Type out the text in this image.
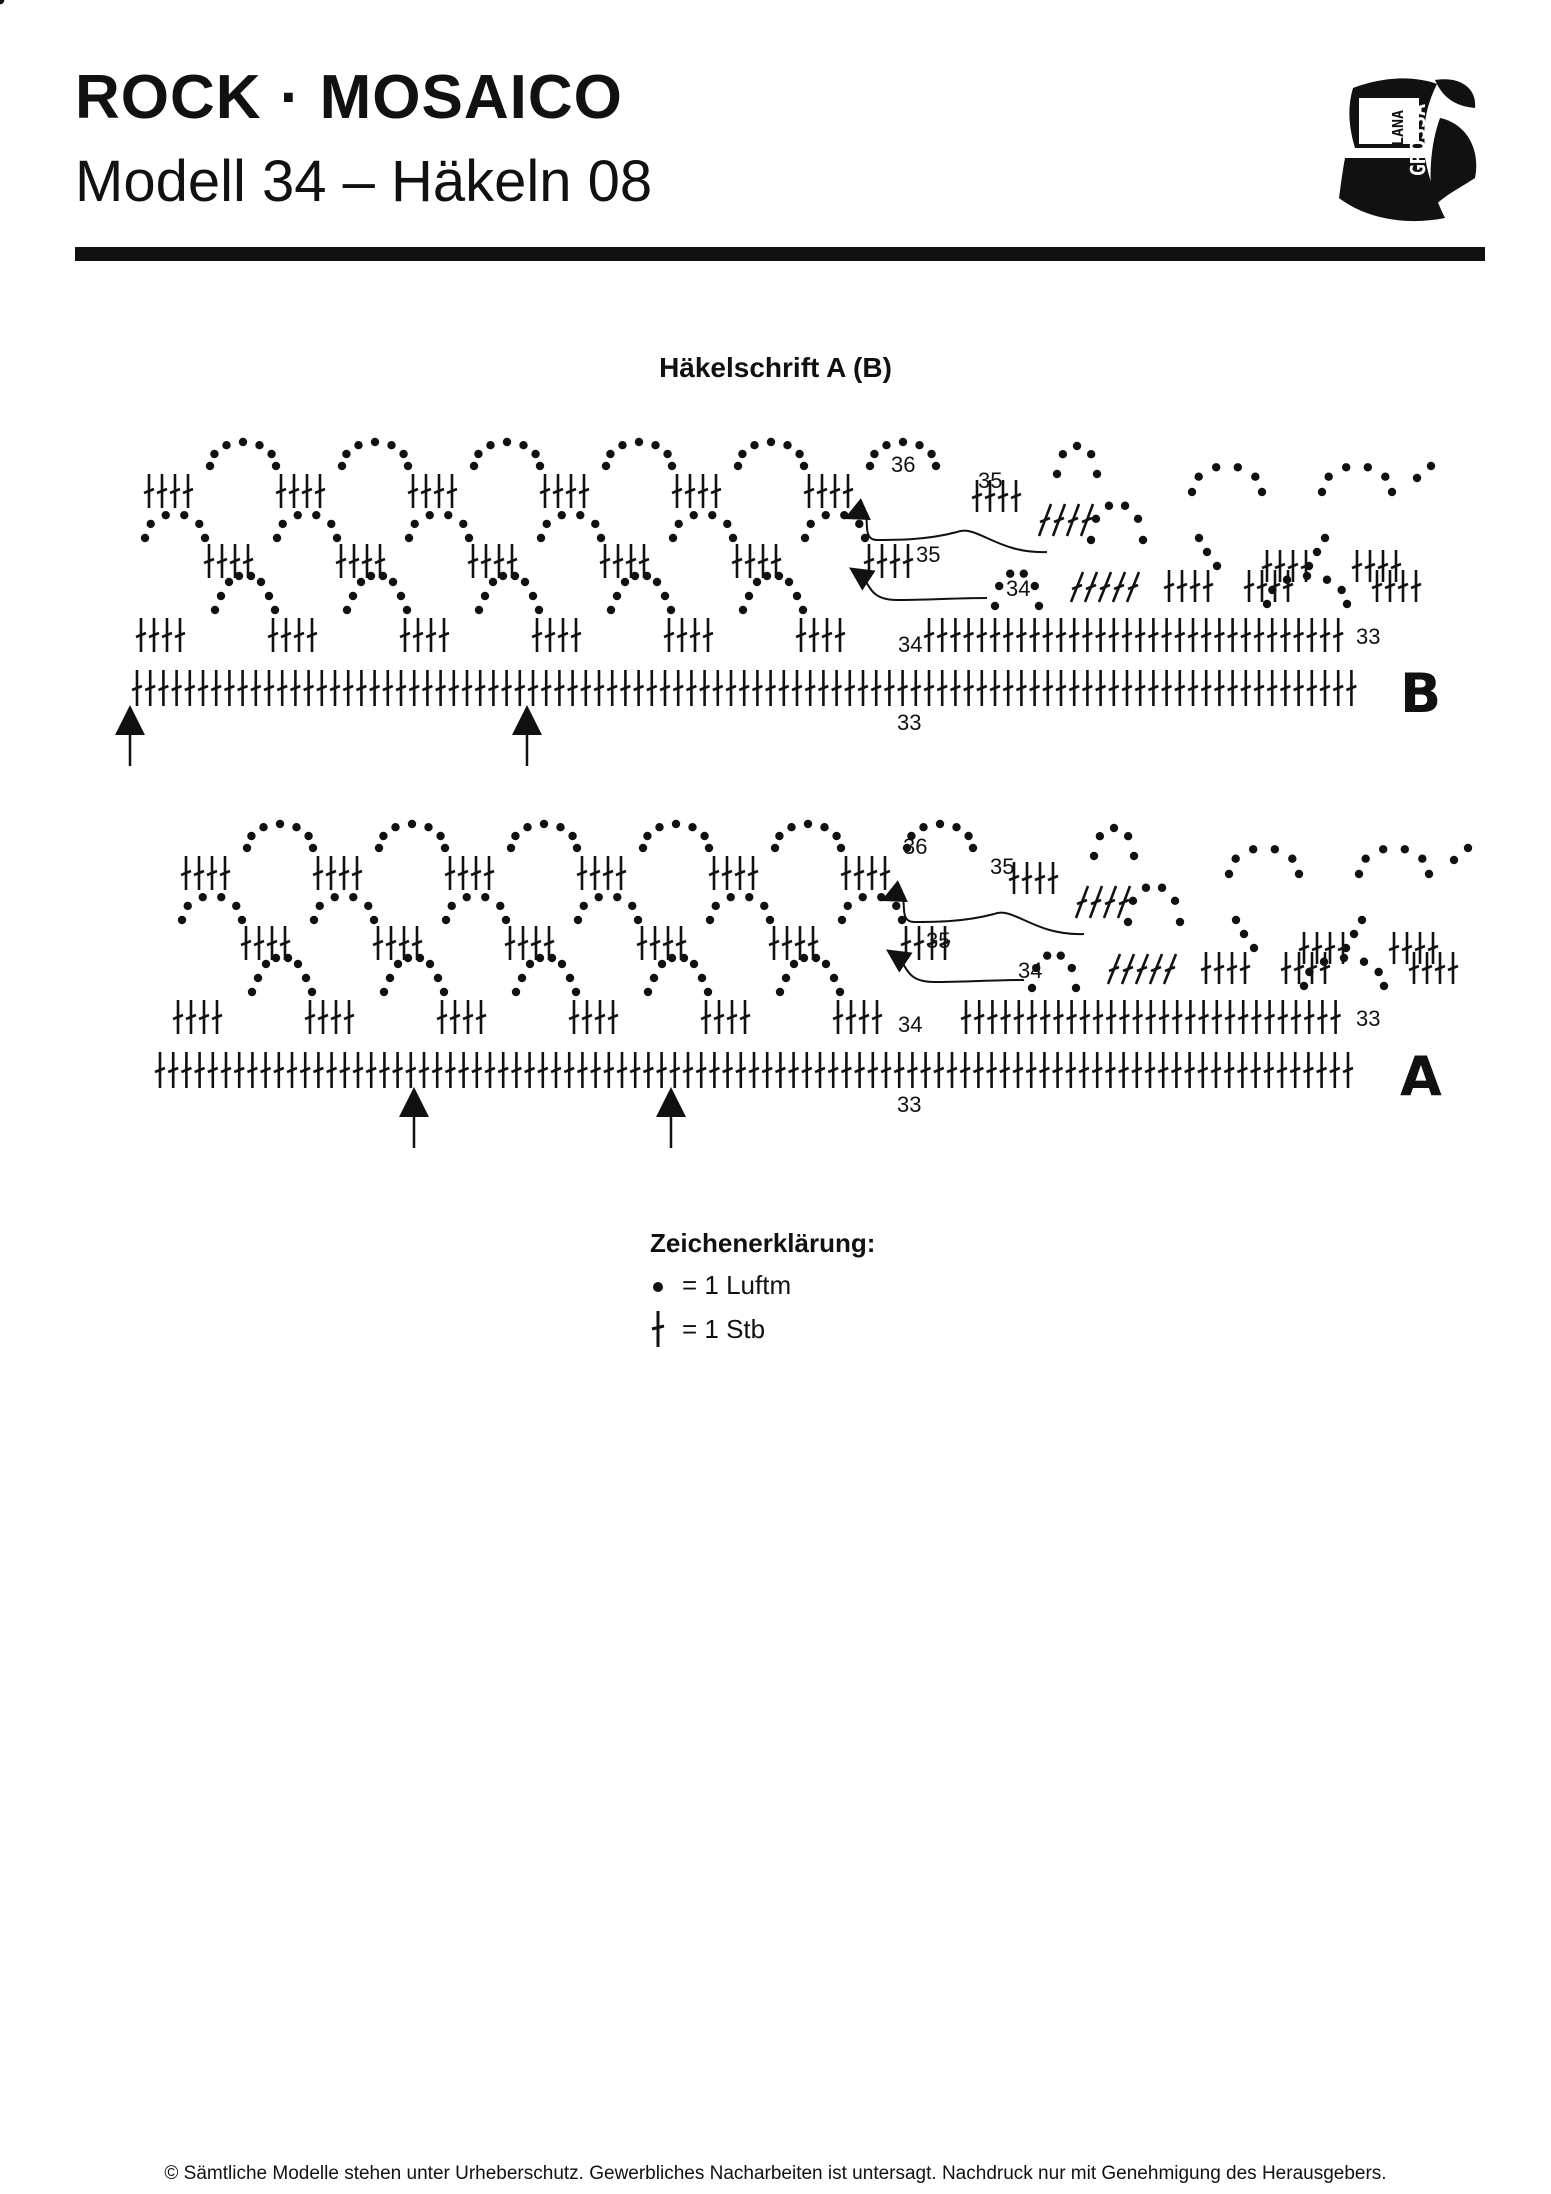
ROCK · MOSAICO
Modell 34 – Häkeln 08
LANA GROSSA
Häkelschrift A (B)
33
33
34
34
35
35
36
B
33
33
34
34
35
35
36
A
Zeichenerklärung:
= 1 Luftm
= 1 Stb
© Sämtliche Modelle stehen unter Urheberschutz. Gewerbliches Nacharbeiten ist untersagt. Nachdruck nur mit Genehmigung des Herausgebers.
